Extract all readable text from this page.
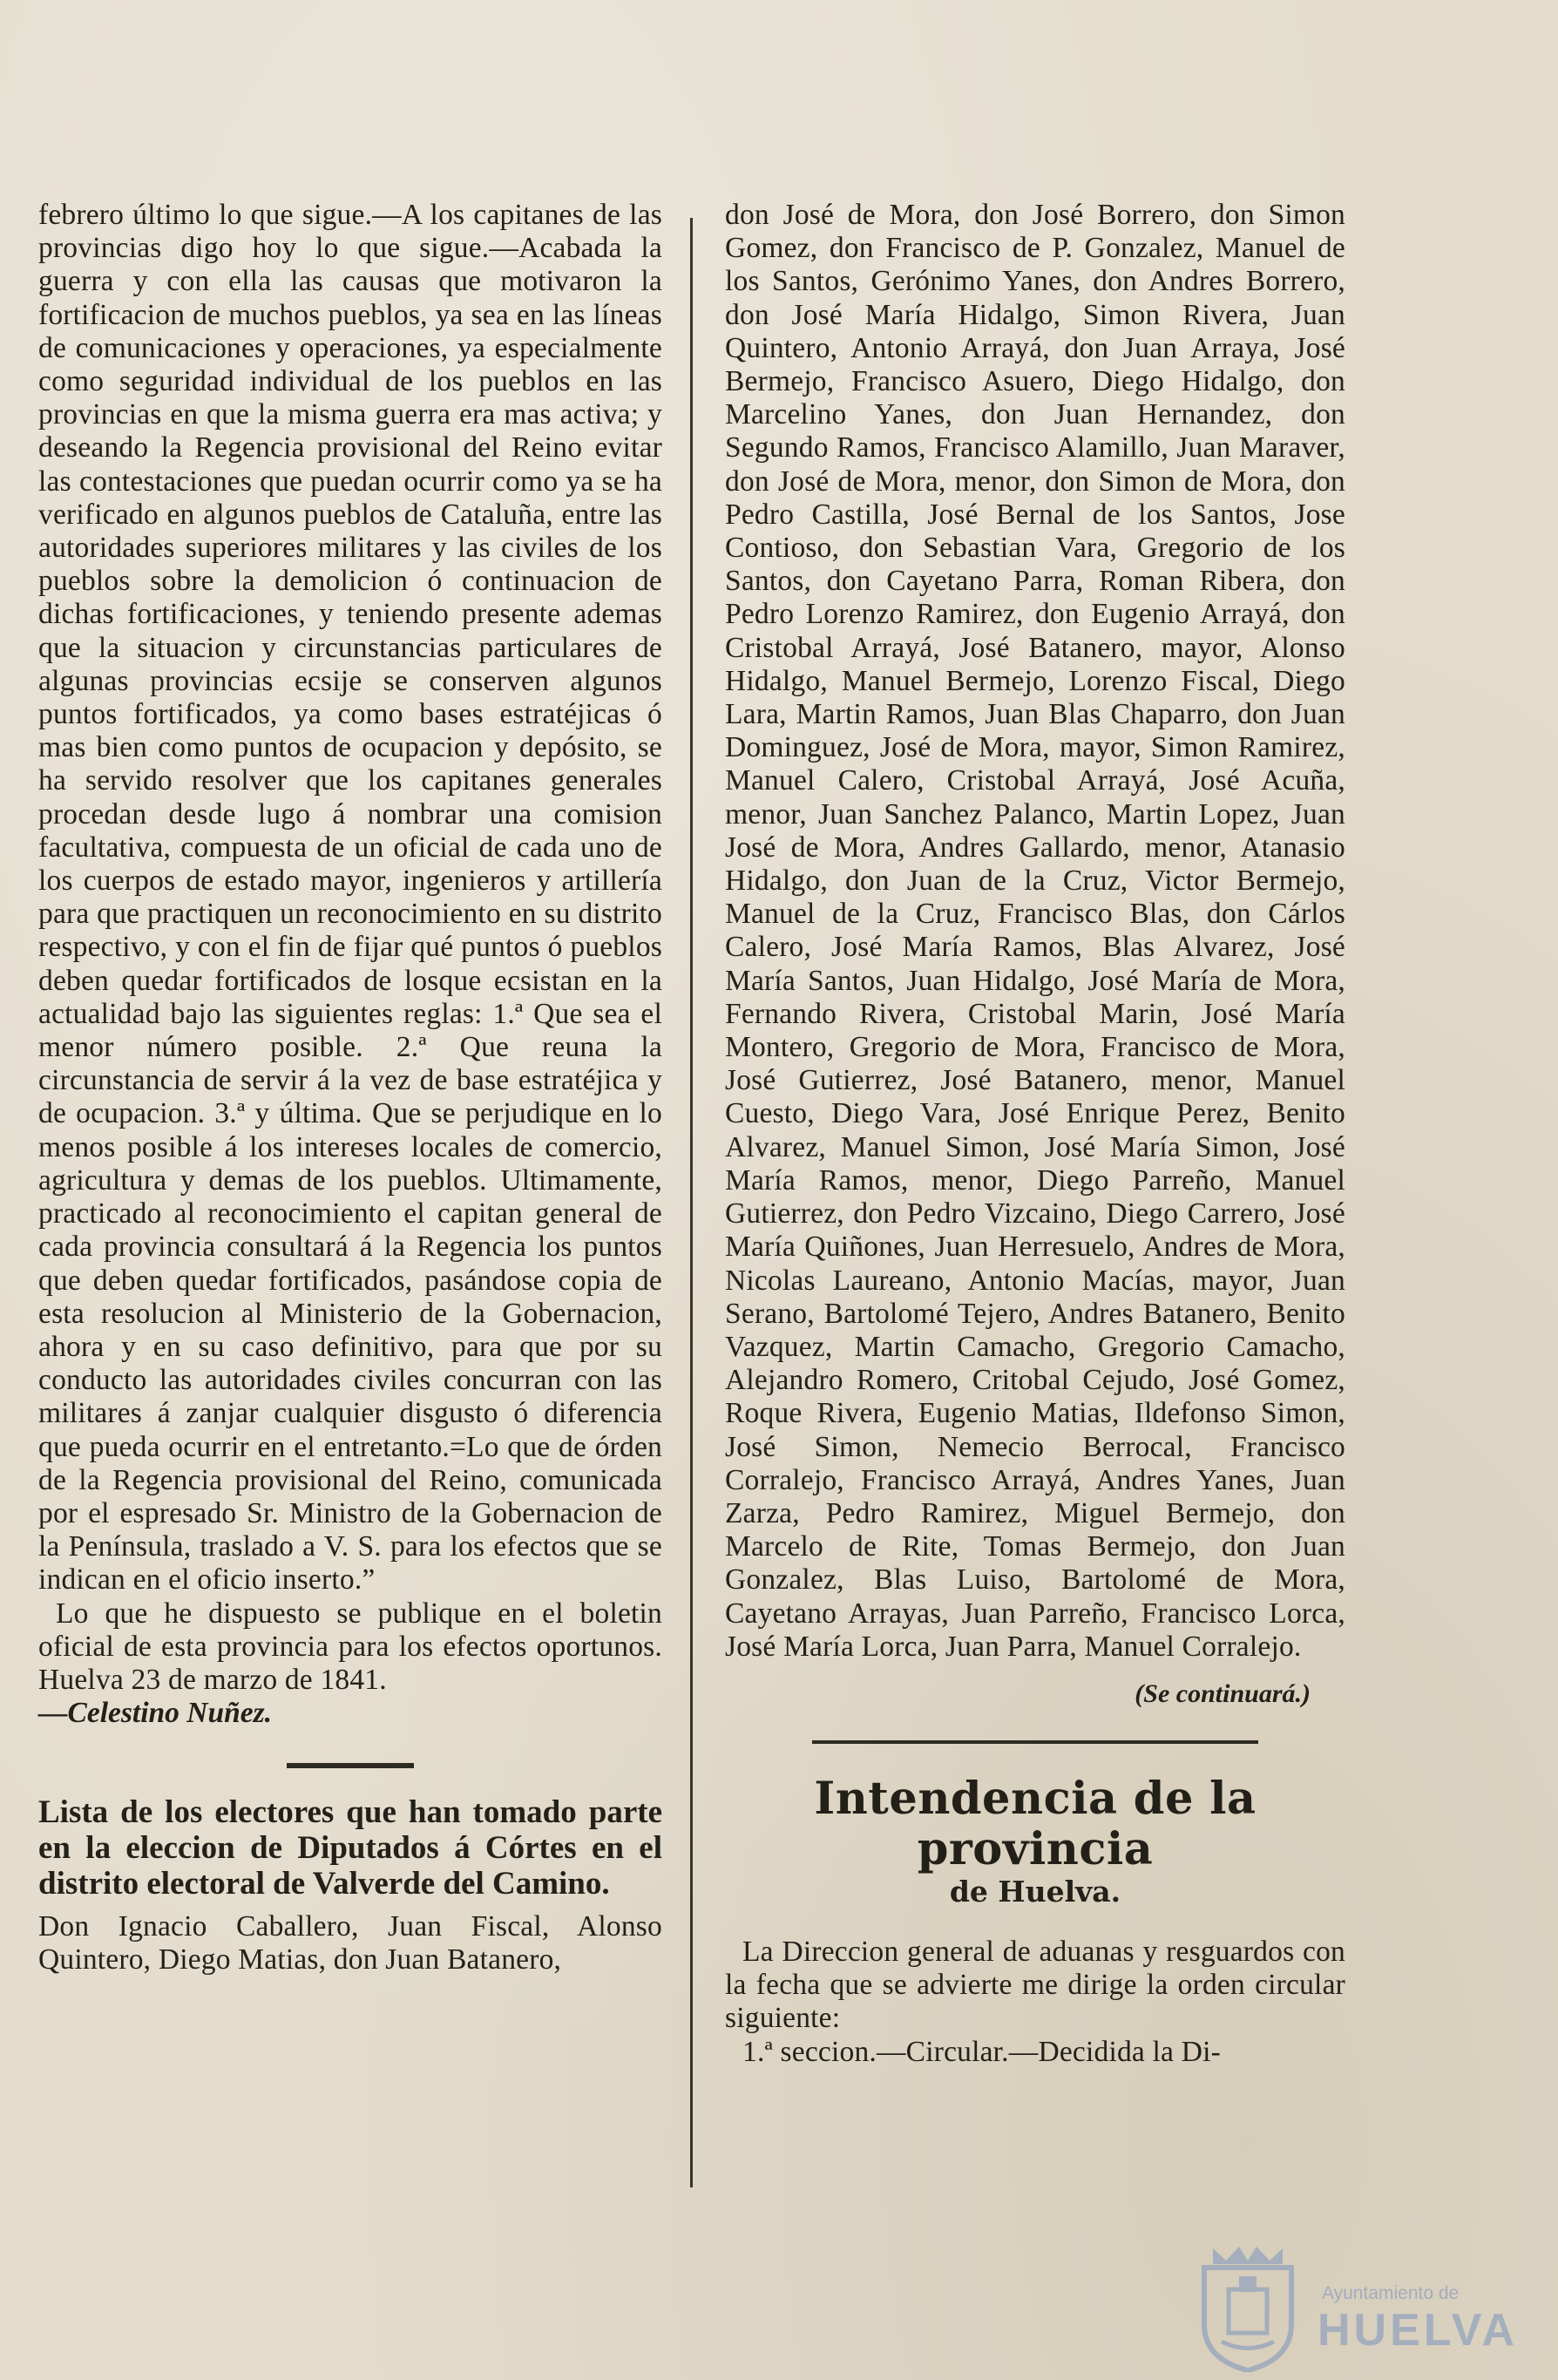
febrero último lo que sigue.—A los capitanes de las provincias digo hoy lo que sigue.—Acabada la guerra y con ella las causas que motivaron la fortificacion de muchos pueblos, ya sea en las líneas de comunicaciones y operaciones, ya especialmente como seguridad individual de los pueblos en las provincias en que la misma guerra era mas activa; y deseando la Regencia provisional del Reino evitar las contestaciones que puedan ocurrir como ya se ha verificado en algunos pueblos de Cataluña, entre las autoridades superiores militares y las civiles de los pueblos sobre la demolicion ó continuacion de dichas fortificaciones, y teniendo presente ademas que la situacion y circunstancias particulares de algunas provincias ecsije se conserven algunos puntos fortificados, ya como bases estratéjicas ó mas bien como puntos de ocupacion y depósito, se ha servido resolver que los capitanes generales procedan desde lugo á nombrar una comision facultativa, compuesta de un oficial de cada uno de los cuerpos de estado mayor, ingenieros y artillería para que practiquen un reconocimiento en su distrito respectivo, y con el fin de fijar qué puntos ó pueblos deben quedar fortificados de losque ecsistan en la actualidad bajo las siguientes reglas: 1.ª Que sea el menor número posible. 2.ª Que reuna la circunstancia de servir á la vez de base estratéjica y de ocupacion. 3.ª y última. Que se perjudique en lo menos posible á los intereses locales de comercio, agricultura y demas de los pueblos. Ultimamente, practicado al reconocimiento el capitan general de cada provincia consultará á la Regencia los puntos que deben quedar fortificados, pasándose copia de esta resolucion al Ministerio de la Gobernacion, ahora y en su caso definitivo, para que por su conducto las autoridades civiles concurran con las militares á zanjar cualquier disgusto ó diferencia que pueda ocurrir en el entretanto.=Lo que de órden de la Regencia provisional del Reino, comunicada por el espresado Sr. Ministro de la Gobernacion de la Península, traslado a V. S. para los efectos que se indican en el oficio inserto.”

Lo que he dispuesto se publique en el boletin oficial de esta provincia para los efectos oportunos. Huelva 23 de marzo de 1841.

—Celestino Nuñez.

Lista de los electores que han tomado parte en la eleccion de Diputados á Córtes en el distrito electoral de Valverde del Camino.

Don Ignacio Caballero, Juan Fiscal, Alonso Quintero, Diego Matias, don Juan Batanero,

don José de Mora, don José Borrero, don Simon Gomez, don Francisco de P. Gonzalez, Manuel de los Santos, Gerónimo Yanes, don Andres Borrero, don José María Hidalgo, Simon Rivera, Juan Quintero, Antonio Arrayá, don Juan Arraya, José Bermejo, Francisco Asuero, Diego Hidalgo, don Marcelino Yanes, don Juan Hernandez, don Segundo Ramos, Francisco Alamillo, Juan Maraver, don José de Mora, menor, don Simon de Mora, don Pedro Castilla, José Bernal de los Santos, Jose Contioso, don Sebastian Vara, Gregorio de los Santos, don Cayetano Parra, Roman Ribera, don Pedro Lorenzo Ramirez, don Eugenio Arrayá, don Cristobal Arrayá, José Batanero, mayor, Alonso Hidalgo, Manuel Bermejo, Lorenzo Fiscal, Diego Lara, Martin Ramos, Juan Blas Chaparro, don Juan Dominguez, José de Mora, mayor, Simon Ramirez, Manuel Calero, Cristobal Arrayá, José Acuña, menor, Juan Sanchez Palanco, Martin Lopez, Juan José de Mora, Andres Gallardo, menor, Atanasio Hidalgo, don Juan de la Cruz, Victor Bermejo, Manuel de la Cruz, Francisco Blas, don Cárlos Calero, José María Ramos, Blas Alvarez, José María Santos, Juan Hidalgo, José María de Mora, Fernando Rivera, Cristobal Marin, José María Montero, Gregorio de Mora, Francisco de Mora, José Gutierrez, José Batanero, menor, Manuel Cuesto, Diego Vara, José Enrique Perez, Benito Alvarez, Manuel Simon, José María Simon, José María Ramos, menor, Diego Parreño, Manuel Gutierrez, don Pedro Vizcaino, Diego Carrero, José María Quiñones, Juan Herresuelo, Andres de Mora, Nicolas Laureano, Antonio Macías, mayor, Juan Serano, Bartolomé Tejero, Andres Batanero, Benito Vazquez, Martin Camacho, Gregorio Camacho, Alejandro Romero, Critobal Cejudo, José Gomez, Roque Rivera, Eugenio Matias, Ildefonso Simon, José Simon, Nemecio Berrocal, Francisco Corralejo, Francisco Arrayá, Andres Yanes, Juan Zarza, Pedro Ramirez, Miguel Bermejo, don Marcelo de Rite, Tomas Bermejo, don Juan Gonzalez, Blas Luiso, Bartolomé de Mora, Cayetano Arrayas, Juan Parreño, Francisco Lorca, José María Lorca, Juan Parra, Manuel Corralejo.

(Se continuará.)

Intendencia de la provincia

de Huelva.

La Direccion general de aduanas y resguardos con la fecha que se advierte me dirige la orden circular siguiente:

1.ª seccion.—Circular.—Decidida la Di-

Ayuntamiento de
HUELVA
